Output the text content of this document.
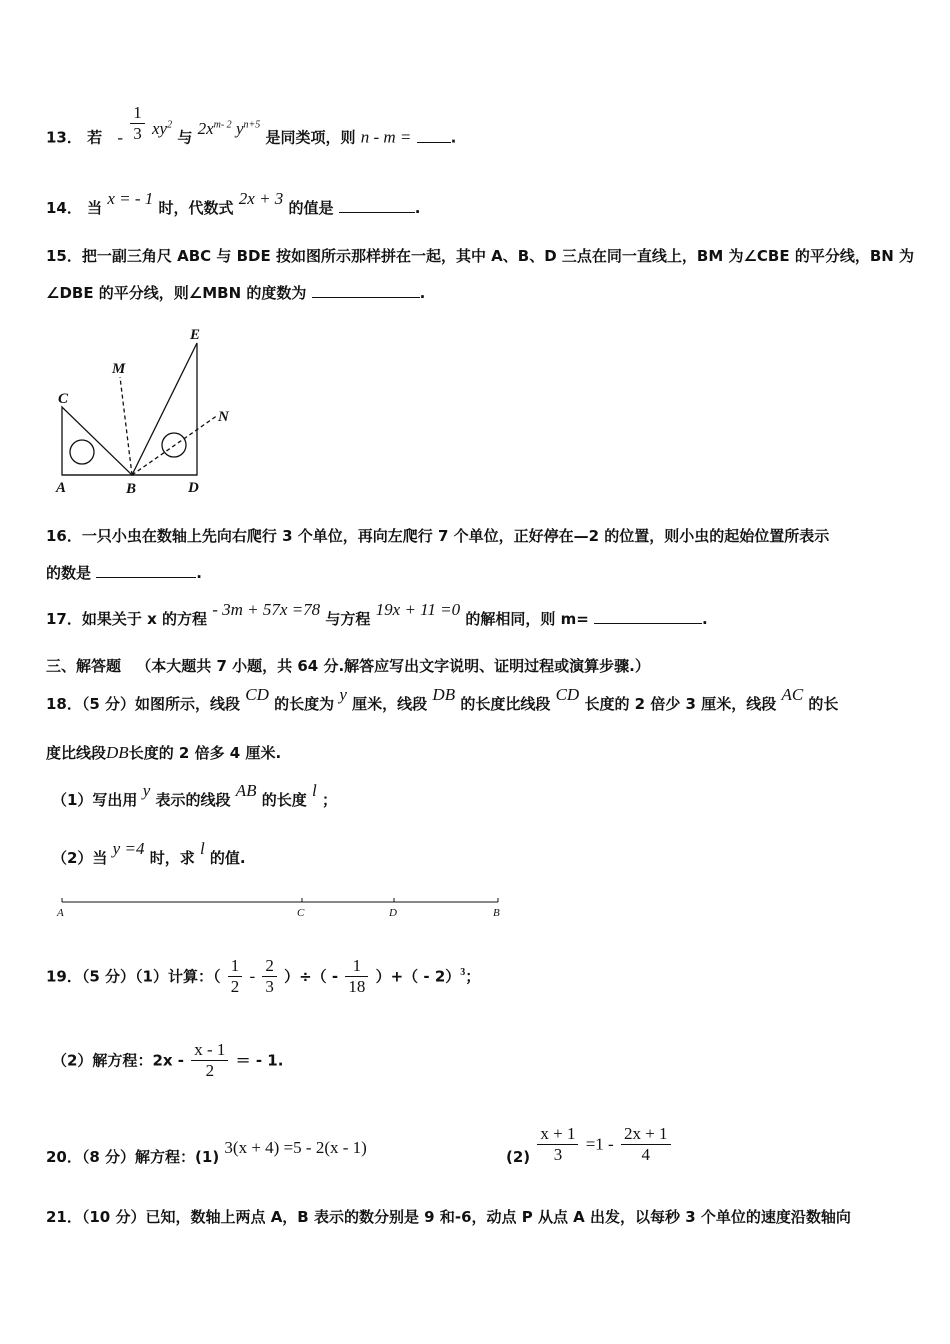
13． 若 - $\frac{1}{3} xy^2$ 与 $2x^{m- 2}$ $y^{n+5}$ 是同类项，则 n - m =	.
14． 当 x = - 1 时，代数式 2x + 3 的值是	.
15．把一副三角尺 ABC 与 BDE 按如图所示那样拼在一起，其中 A、B、D 三点在同一直线上，BM 为∠CBE 的平分线，BN 为
∠DBE 的平分线，则∠MBN 的度数为	.
E
M
C
N
A	B	D
16．一只小虫在数轴上先向右爬行 3 个单位，再向左爬行 7 个单位，正好停在—2 的位置，则小虫的起始位置所表示
的数是	.
17．如果关于 x 的方程 - 3m + 57x =78 与方程 19x + 11 =0 的解相同，则 m=	.
三、解答题 （本大题共 7 小题，共 64 分.解答应写出文字说明、证明过程或演算步骤.）
18．（5 分）如图所示，线段 CD 的长度为 y 厘米，线段 DB 的长度比线段 CD 长度的 2 倍少 3 厘米，线段 AC 的长
度比线段DB长度的 2 倍多 4 厘米.
（1）写出用 y 表示的线段 AB 的长度 l ；
（2）当 y =4 时，求 l 的值.
A	C	D	B
19．（5 分）（1）计算：（ $\frac{1}{2} - \frac{2}{3}$ ）÷（ - $\frac{1}{18}$ ）+（ - 2）$^3$；
（2）解方程：$2x - \frac{x - 1}{2}$ ＝ - 1.
20．（8 分）解方程：(1) 3(x + 4) =5 - 2(x - 1)	$(2) \frac{x + 1}{3} =1 - \frac{2x + 1}{4}$
21．（10 分）已知，数轴上两点 A，B 表示的数分别是 9 和-6，动点 P 从点 A 出发，以每秒 3 个单位的速度沿数轴向
